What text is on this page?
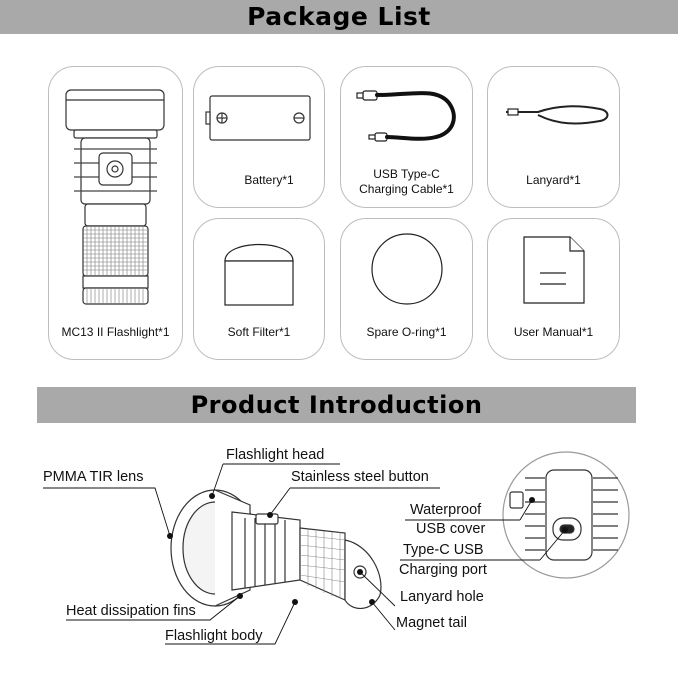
Package List
MC13 II Flashlight*1
Battery*1	USB Type-C
Charging Cable*1
Lanyard*1
Soft Filter*1	Spare O-ring*1	User Manual*1
Product Introduction
Flashlight head
PMMA TIR lens	Stainless steel button
Waterproof
USB cover
Type-C USB
Charging port
Lanyard hole
Heat dissipation fins
Magnet tail
Flashlight body
